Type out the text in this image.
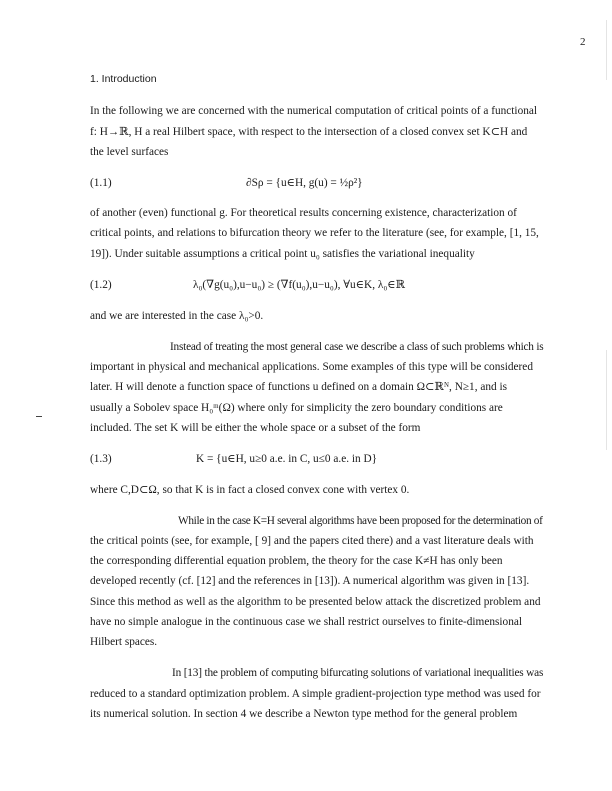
2
1. Introduction
In the following we are concerned with the numerical computation of critical points of a functional
f: H→ℝ, H a real Hilbert space, with respect to the intersection of a closed convex set K⊂H and
the level surfaces
(1.1)	∂Sρ = {u∈H, g(u) = ½ρ²}
of another (even) functional g. For theoretical results concerning existence, characterization of
critical points, and relations to bifurcation theory we refer to the literature (see, for example, [1, 15,
19]). Under suitable assumptions a critical point u₀ satisfies the variational inequality
(1.2)	λ₀(∇g(u₀),u−u₀) ≥ (∇f(u₀),u−u₀), ∀u∈K, λ₀∈ℝ
and we are interested in the case λ₀>0.
Instead of treating the most general case we describe a class of such problems which is
important in physical and mechanical applications. Some examples of this type will be considered
later. H will denote a function space of functions u defined on a domain Ω⊂ℝᴺ, N≥1, and is
usually a Sobolev space H₀ᵐ(Ω) where only for simplicity the zero boundary conditions are
included. The set K will be either the whole space or a subset of the form
(1.3)	K = {u∈H, u≥0 a.e. in C, u≤0 a.e. in D}
where C,D⊂Ω, so that K is in fact a closed convex cone with vertex 0.
While in the case K=H several algorithms have been proposed for the determination of
the critical points (see, for example, [ 9] and the papers cited there) and a vast literature deals with
the corresponding differential equation problem, the theory for the case K≠H has only been
developed recently (cf. [12] and the references in [13]). A numerical algorithm was given in [13].
Since this method as well as the algorithm to be presented below attack the discretized problem and
have no simple analogue in the continuous case we shall restrict ourselves to finite-dimensional
Hilbert spaces.
In [13] the problem of computing bifurcating solutions of variational inequalities was
reduced to a standard optimization problem. A simple gradient-projection type method was used for
its numerical solution. In section 4 we describe a Newton type method for the general problem
